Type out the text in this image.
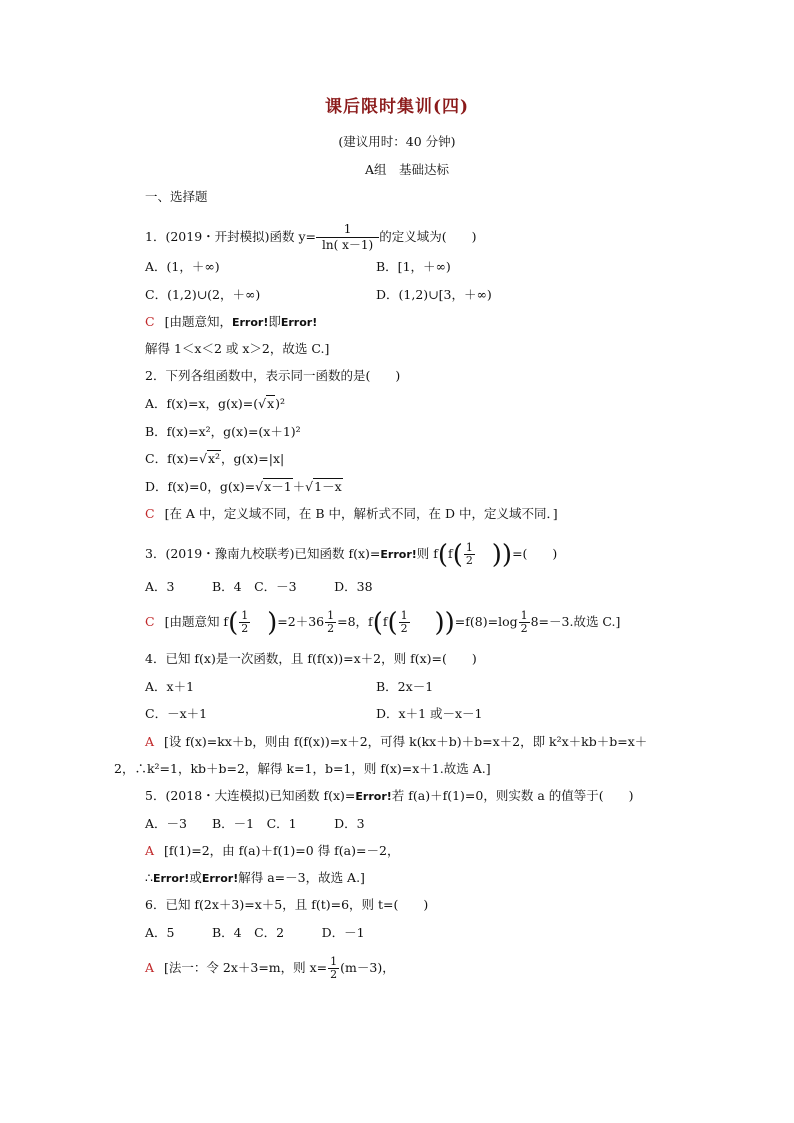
课后限时集训(四)
(建议用时：40 分钟)
A组　基础达标
一、选择题
1．(2019・开封模拟)函数 $y= \frac{1}{\ln( x-1)}$ 的定义域为(　　)
A．(1，＋∞)	B．[1，＋∞)
C．(1,2)∪(2，＋∞)	D．(1,2)∪[3，＋∞)
C [由题意知，Error!即Error!
解得 1＜x＜2 或 x＞2，故选 C.]
2．下列各组函数中，表示同一函数的是(　　)
A．f(x)=x，g(x)=(√x)²
B．f(x)=x²，g(x)=(x＋1)²
C．f(x)=√x²，g(x)=|x|
D．f(x)=0，g(x)=√x－1＋√1－x
C [在 A 中，定义域不同，在 B 中，解析式不同，在 D 中，定义域不同．]
3．(2019・豫南九校联考)已知函数 f(x)=Error!则 $f(f( \frac{1}{2}$ ))=(　　)
A．3　　　B．4　C．－3　　　D．38
C [由题意知 $f( \frac{1}{2} )=2+36 \frac{1}{2} =8$，$f(f( \frac{1}{2} ))=f(8)=\log \frac{1}{2} 8=-3$.故选 C.]
4．已知 f(x)是一次函数，且 f(f(x))=x＋2，则 f(x)=(　　)
A．x＋1	B．2x－1
C．－x＋1	D．x＋1 或－x－1
A [设 f(x)=kx＋b，则由 f(f(x))=x＋2，可得 k(kx＋b)＋b=x＋2，即 k²x＋kb＋b=x＋
2，∴k²=1，kb＋b=2，解得 k=1，b=1，则 f(x)=x＋1.故选 A.]
5．(2018・大连模拟)已知函数 f(x)=Error!若 f(a)＋f(1)=0，则实数 a 的值等于(　　)
A．－3　　B．－1　C．1　　　D．3
A [f(1)=2，由 f(a)＋f(1)=0 得 f(a)=－2，
∴Error!或Error!解得 a=－3，故选 A.]
6．已知 f(2x＋3)=x＋5，且 f(t)=6，则 t=(　　)
A．5　　　B．4　C．2　　　D．－1
A [法一：令 2x＋3=m，则 $x= \frac{1}{2} (m-3)$，
